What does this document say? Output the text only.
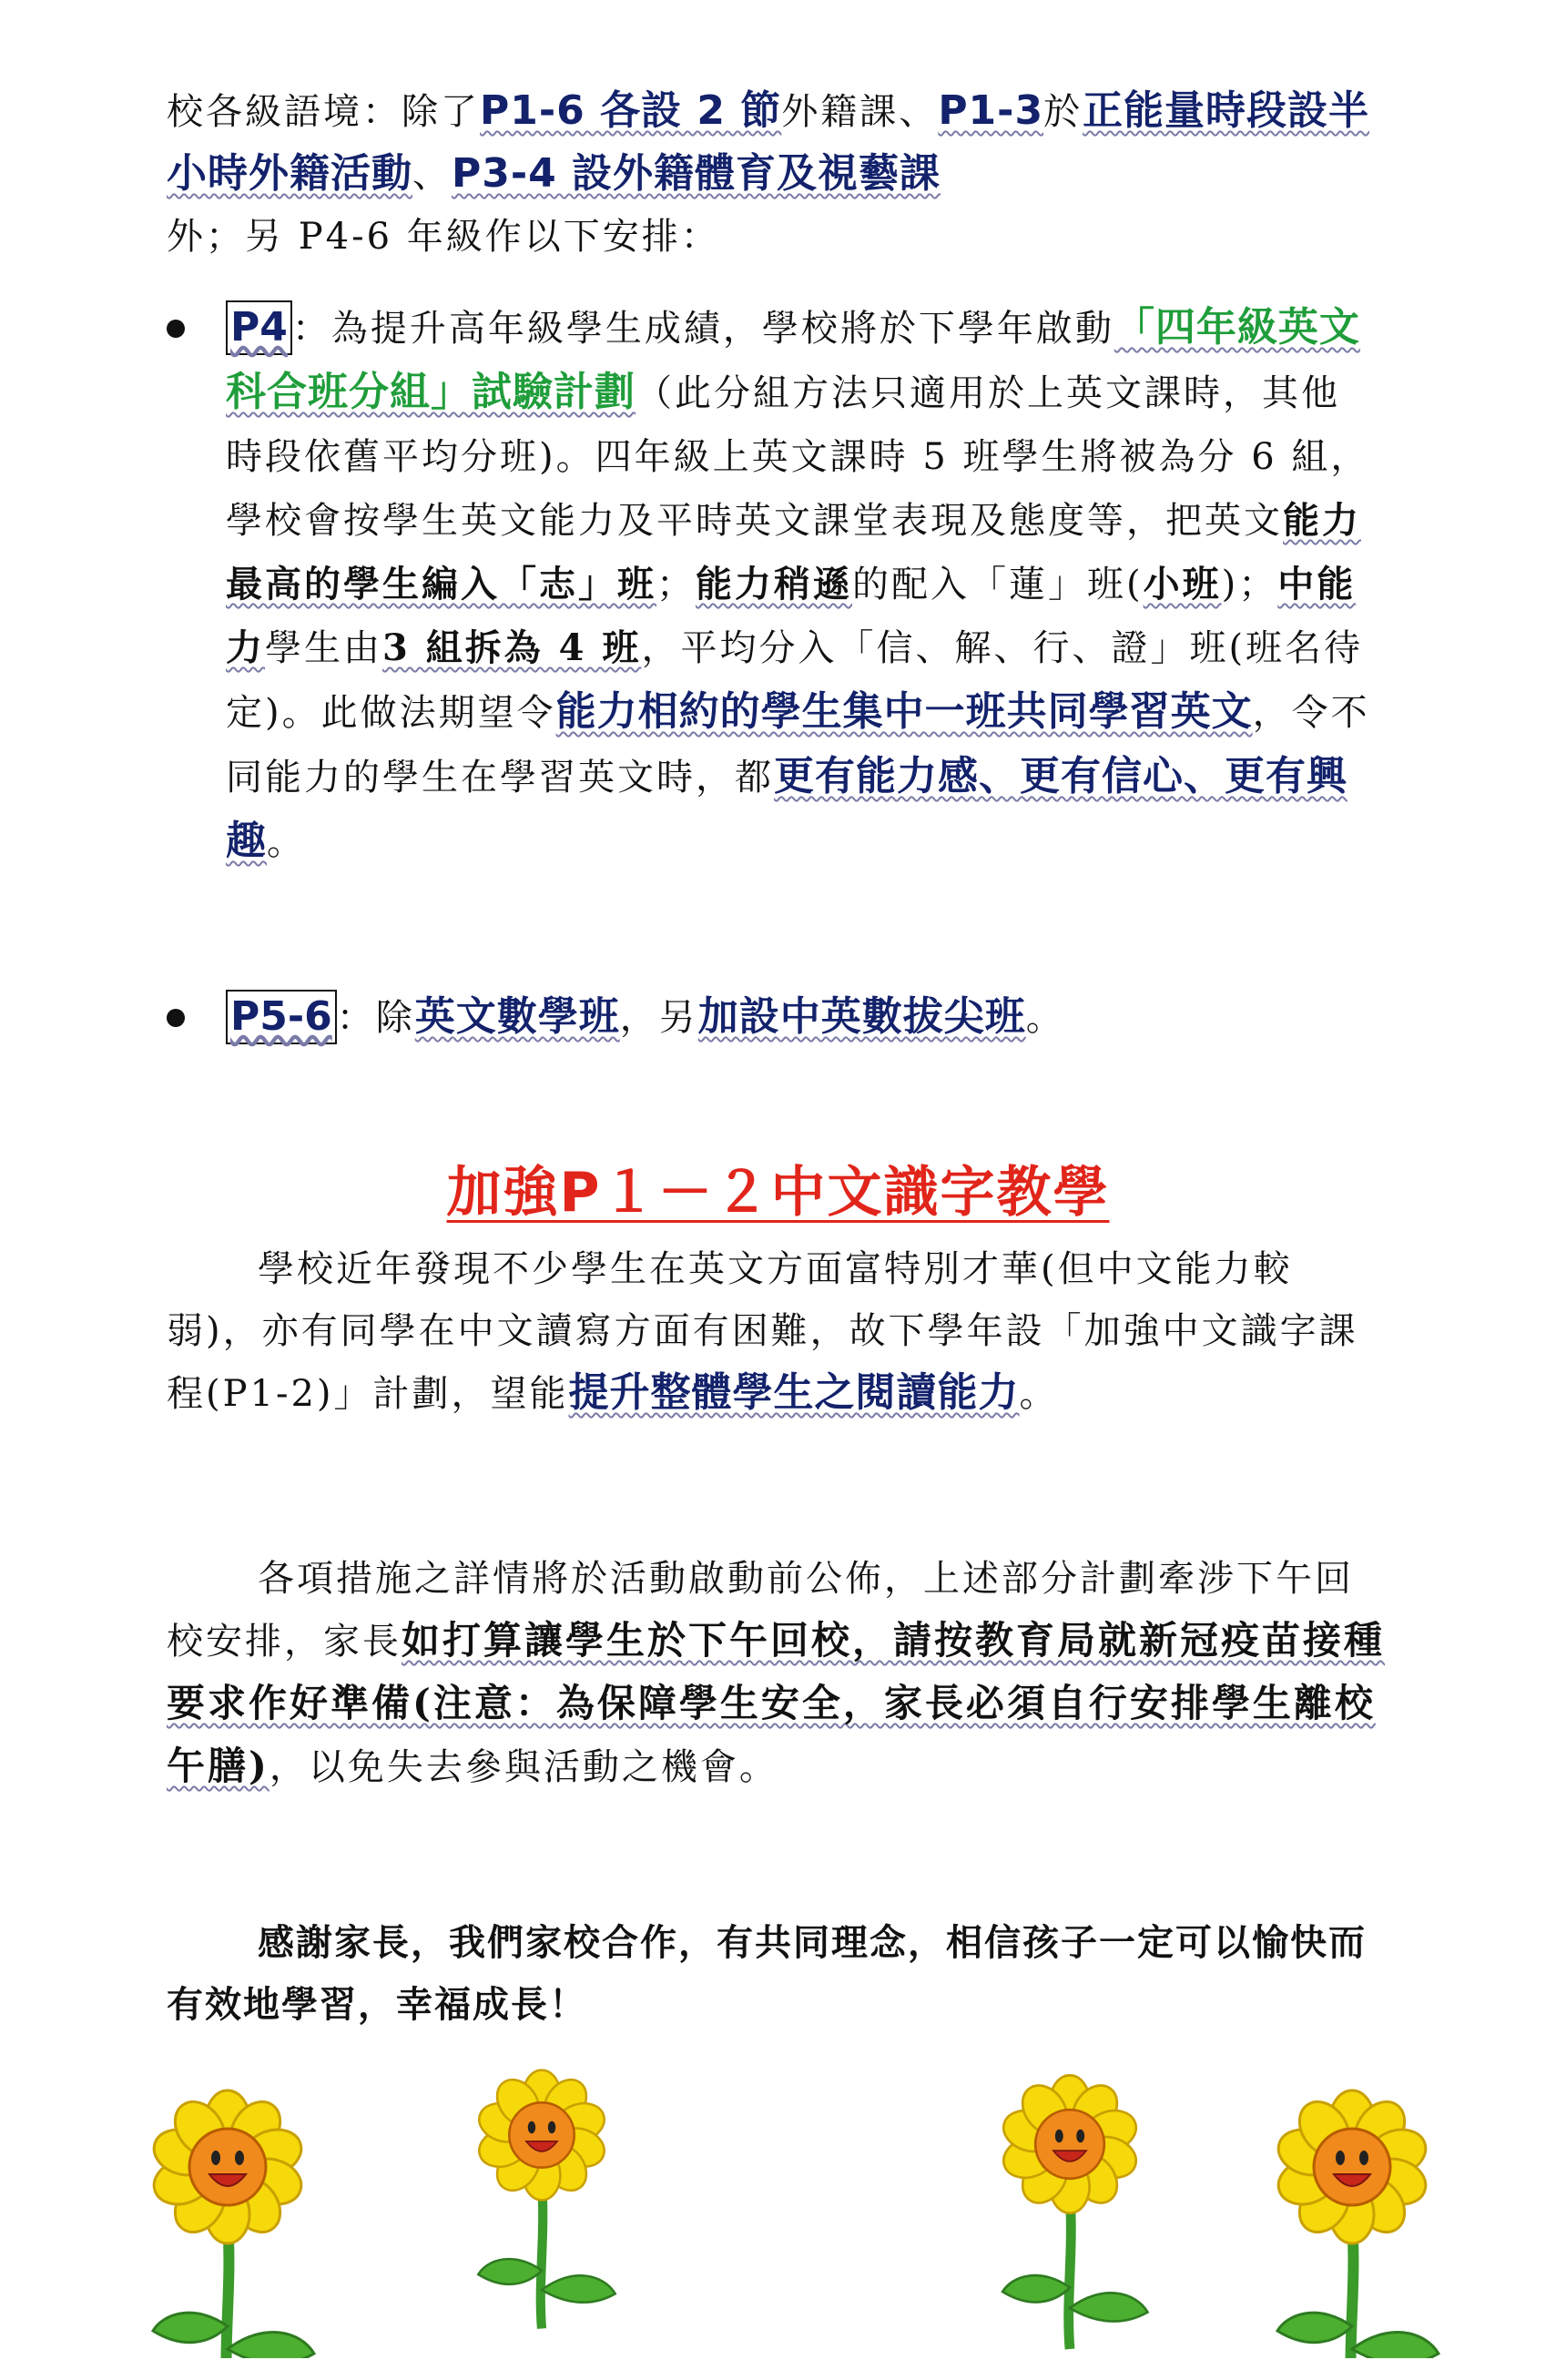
校各級語境：除了P1-6 各設 2 節外籍課、P1-3於正能量時段設半小時外籍活動、P3-4 設外籍體育及視藝課
外；另 P4-6 年級作以下安排：

P4 ：為提升高年級學生成績，學校將於下學年啟動「四年級英文科合班分組」試驗計劃（此分組方法只適用於上英文課時，其他時段依舊平均分班)。四年級上英文課時 5 班學生將被為分 6 組，學校會按學生英文能力及平時英文課堂表現及態度等，把英文能力最高的學生編入「志」班；能力稍遜的配入「蓮」班(小班)；中能力學生由3 組拆為 4 班，平均分入「信、解、行、證」班(班名待定)。此做法期望令能力相約的學生集中一班共同學習英文，令不同能力的學生在學習英文時，都更有能力感、更有信心、更有興趣。
P5-6 ：除英文數學班，另加設中英數拔尖班。
加強P１－２中文識字教學

學校近年發現不少學生在英文方面富特別才華(但中文能力較弱)，亦有同學在中文讀寫方面有困難，故下學年設「加強中文識字課程(P1-2)」計劃，望能提升整體學生之閱讀能力。

各項措施之詳情將於活動啟動前公佈，上述部分計劃牽涉下午回校安排，家長如打算讓學生於下午回校，請按教育局就新冠疫苗接種要求作好準備(注意：為保障學生安全，家長必須自行安排學生離校午膳)，以免失去參與活動之機會。

感謝家長，我們家校合作，有共同理念，相信孩子一定可以愉快而有效地學習，幸福成長！
